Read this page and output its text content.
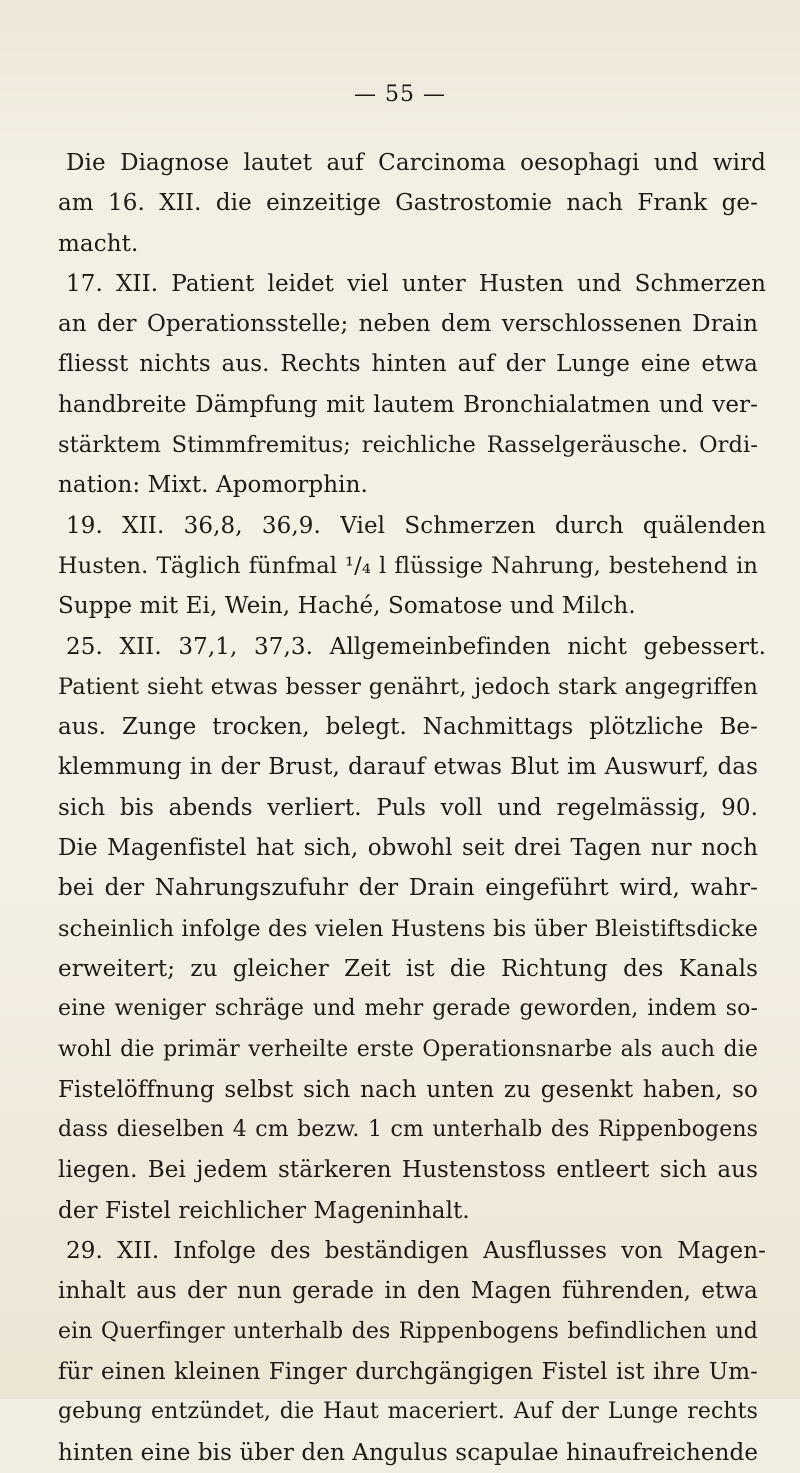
— 55 —
Die Diagnose lautet auf Carcinoma oesophagi und wird
am 16. XII. die einzeitige Gastrostomie nach Frank ge-
macht.
17. XII. Patient leidet viel unter Husten und Schmerzen
an der Operationsstelle; neben dem verschlossenen Drain
fliesst nichts aus. Rechts hinten auf der Lunge eine etwa
handbreite Dämpfung mit lautem Bronchialatmen und ver-
stärktem Stimmfremitus; reichliche Rasselgeräusche. Ordi-
nation: Mixt. Apomorphin.
19. XII. 36,8, 36,9. Viel Schmerzen durch quälenden
Husten. Täglich fünfmal ¹/₄ l flüssige Nahrung, bestehend in
Suppe mit Ei, Wein, Haché, Somatose und Milch.
25. XII. 37,1, 37,3. Allgemeinbefinden nicht gebessert.
Patient sieht etwas besser genährt, jedoch stark angegriffen
aus. Zunge trocken, belegt. Nachmittags plötzliche Be-
klemmung in der Brust, darauf etwas Blut im Auswurf, das
sich bis abends verliert. Puls voll und regelmässig, 90.
Die Magenfistel hat sich, obwohl seit drei Tagen nur noch
bei der Nahrungszufuhr der Drain eingeführt wird, wahr-
scheinlich infolge des vielen Hustens bis über Bleistiftsdicke
erweitert; zu gleicher Zeit ist die Richtung des Kanals
eine weniger schräge und mehr gerade geworden, indem so-
wohl die primär verheilte erste Operationsnarbe als auch die
Fistelöffnung selbst sich nach unten zu gesenkt haben, so
dass dieselben 4 cm bezw. 1 cm unterhalb des Rippenbogens
liegen. Bei jedem stärkeren Hustenstoss entleert sich aus
der Fistel reichlicher Mageninhalt.
29. XII. Infolge des beständigen Ausflusses von Magen-
inhalt aus der nun gerade in den Magen führenden, etwa
ein Querfinger unterhalb des Rippenbogens befindlichen und
für einen kleinen Finger durchgängigen Fistel ist ihre Um-
gebung entzündet, die Haut maceriert. Auf der Lunge rechts
hinten eine bis über den Angulus scapulae hinaufreichende
